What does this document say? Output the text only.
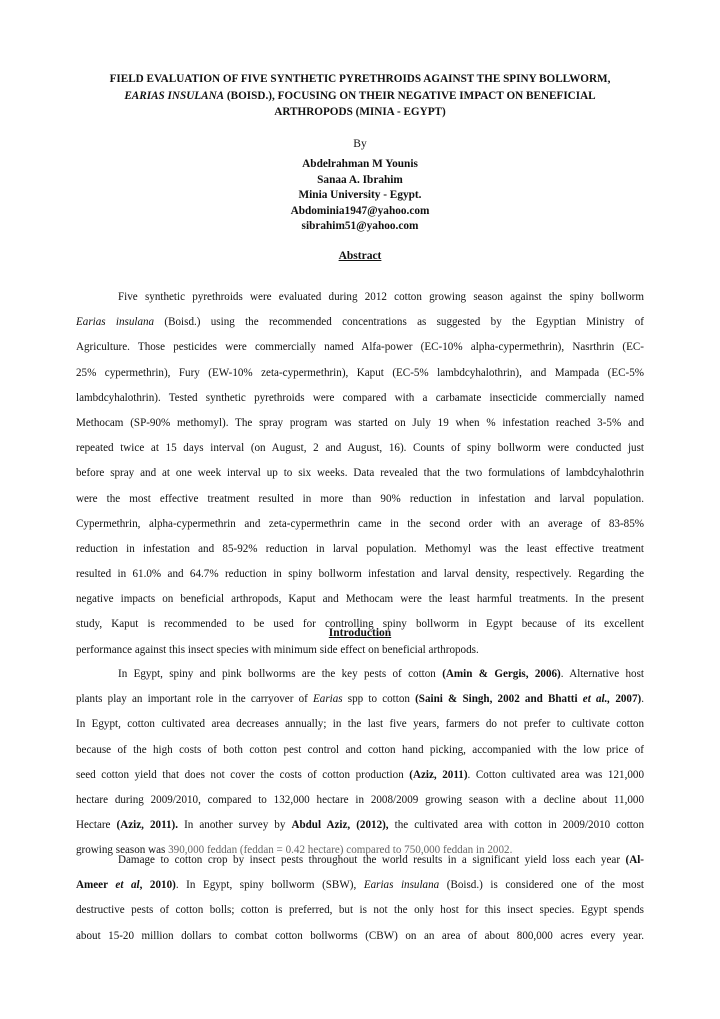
FIELD EVALUATION OF FIVE SYNTHETIC PYRETHROIDS AGAINST THE SPINY BOLLWORM,
EARIAS INSULANA (BOISD.), FOCUSING ON THEIR NEGATIVE IMPACT ON BENEFICIAL
ARTHROPODS (MINIA - EGYPT)
By
Abdelrahman M Younis
Sanaa A. Ibrahim
Minia University - Egypt.
Abdominia1947@yahoo.com
sibrahim51@yahoo.com
Abstract
Five synthetic pyrethroids were evaluated during 2012 cotton growing season against the spiny bollworm
Earias insulana (Boisd.) using the recommended concentrations as suggested by the Egyptian Ministry of
Agriculture. Those pesticides were commercially named Alfa-power (EC-10% alpha-cypermethrin), Nasrthrin (EC-
25% cypermethrin), Fury (EW-10% zeta-cypermethrin), Kaput (EC-5% lambdcyhalothrin), and Mampada (EC-5%
lambdcyhalothrin). Tested synthetic pyrethroids were compared with a carbamate insecticide commercially named
Methocam (SP-90% methomyl). The spray program was started on July 19 when % infestation reached 3-5% and
repeated twice at 15 days interval (on August, 2 and August, 16). Counts of spiny bollworm were conducted just
before spray and at one week interval up to six weeks. Data revealed that the two formulations of lambdcyhalothrin
were the most effective treatment resulted in more than 90% reduction in infestation and larval population.
Cypermethrin, alpha-cypermethrin and zeta-cypermethrin came in the second order with an average of 83-85%
reduction in infestation and 85-92% reduction in larval population. Methomyl was the least effective treatment
resulted in 61.0% and 64.7% reduction in spiny bollworm infestation and larval density, respectively. Regarding the
negative impacts on beneficial arthropods, Kaput and Methocam were the least harmful treatments. In the present
study, Kaput is recommended to be used for controlling spiny bollworm in Egypt because of its excellent
performance against this insect species with minimum side effect on beneficial arthropods.
Introduction
In Egypt, spiny and pink bollworms are the key pests of cotton (Amin & Gergis, 2006). Alternative host
plants play an important role in the carryover of Earias spp to cotton (Saini & Singh, 2002 and Bhatti et al., 2007).
In Egypt, cotton cultivated area decreases annually; in the last five years, farmers do not prefer to cultivate cotton
because of the high costs of both cotton pest control and cotton hand picking, accompanied with the low price of
seed cotton yield that does not cover the costs of cotton production (Aziz, 2011). Cotton cultivated area was 121,000
hectare during 2009/2010, compared to 132,000 hectare in 2008/2009 growing season with a decline about 11,000
Hectare (Aziz, 2011). In another survey by Abdul Aziz, (2012), the cultivated area with cotton in 2009/2010 cotton
growing season was 390,000 feddan (feddan = 0.42 hectare) compared to 750,000 feddan in 2002.
Damage to cotton crop by insect pests throughout the world results in a significant yield loss each year (Al-
Ameer et al, 2010). In Egypt, spiny bollworm (SBW), Earias insulana (Boisd.) is considered one of the most
destructive pests of cotton bolls; cotton is preferred, but is not the only host for this insect species. Egypt spends
about 15-20 million dollars to combat cotton bollworms (CBW) on an area of about 800,000 acres every year.
